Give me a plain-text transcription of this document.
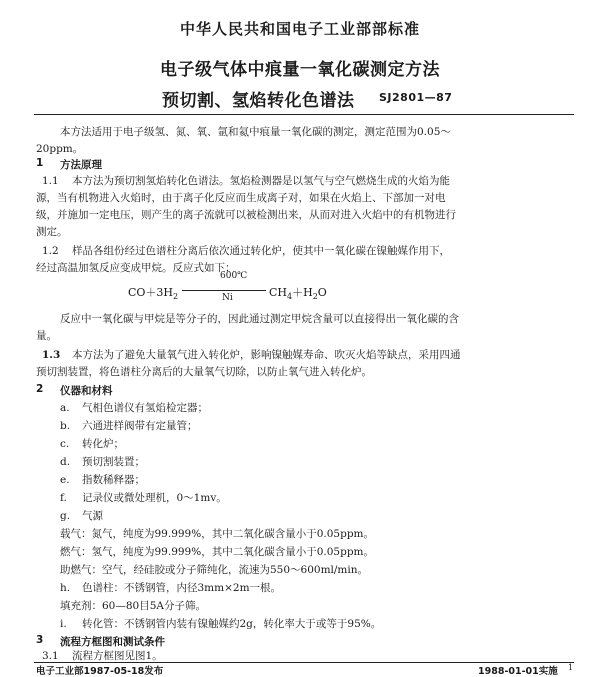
中华人民共和国电子工业部部标准
电子级气体中痕量一氧化碳测定方法
预切割、氢焰转化色谱法 SJ2801—87
本方法适用于电子级氢、氮、氧、氩和氦中痕量一氧化碳的测定，测定范围为0.05～
20ppm。
1 方法原理
1.1 本方法为预切割氢焰转化色谱法。氢焰检测器是以氢气与空气燃烧生成的火焰为能
源，当有机物进入火焰时，由于离子化反应而生成离子对，如果在火焰上、下部加一对电
级，并施加一定电压，则产生的离子流就可以被检测出来，从而对进入火焰中的有机物进行
测定。
1.2 样品各组份经过色谱柱分离后依次通过转化炉，使其中一氧化碳在镍触媒作用下，
经过高温加氢反应变成甲烷。反应式如下：
$CO+3H_2$
600℃
Ni	$CH_4+H_2O$
反应中一氧化碳与甲烷是等分子的，因此通过测定甲烷含量可以直接得出一氧化碳的含
量。
1.3 本方法为了避免大量氧气进入转化炉，影响镍触媒寿命、吹灭火焰等缺点，采用四通
预切割装置，将色谱柱分离后的大量氧气切除，以防止氧气进入转化炉。
2 仪器和材料
a. 气相色谱仪有氢焰检定器；
b. 六通进样阀带有定量管；
c. 转化炉；
d. 预切割装置；
e. 指数稀释器；
f. 记录仪或微处理机，0～1mv。
g. 气源
载气：氮气，纯度为99.999%，其中二氧化碳含量小于0.05ppm。
燃气：氢气，纯度为99.999%，其中二氧化碳含量小于0.05ppm。
助燃气：空气，经硅胶或分子筛纯化，流速为550～600ml/min。
h. 色谱柱：不锈钢管，内径3mm×2m一根。
填充剂：60—80目5A分子筛。
i. 转化管：不锈钢管内装有镍触媒约2g，转化率大于或等于95%。
3 流程方框图和测试条件
3.1 流程方框图见图1。
电子工业部1987-05-18发布	1988-01-01实施 1
